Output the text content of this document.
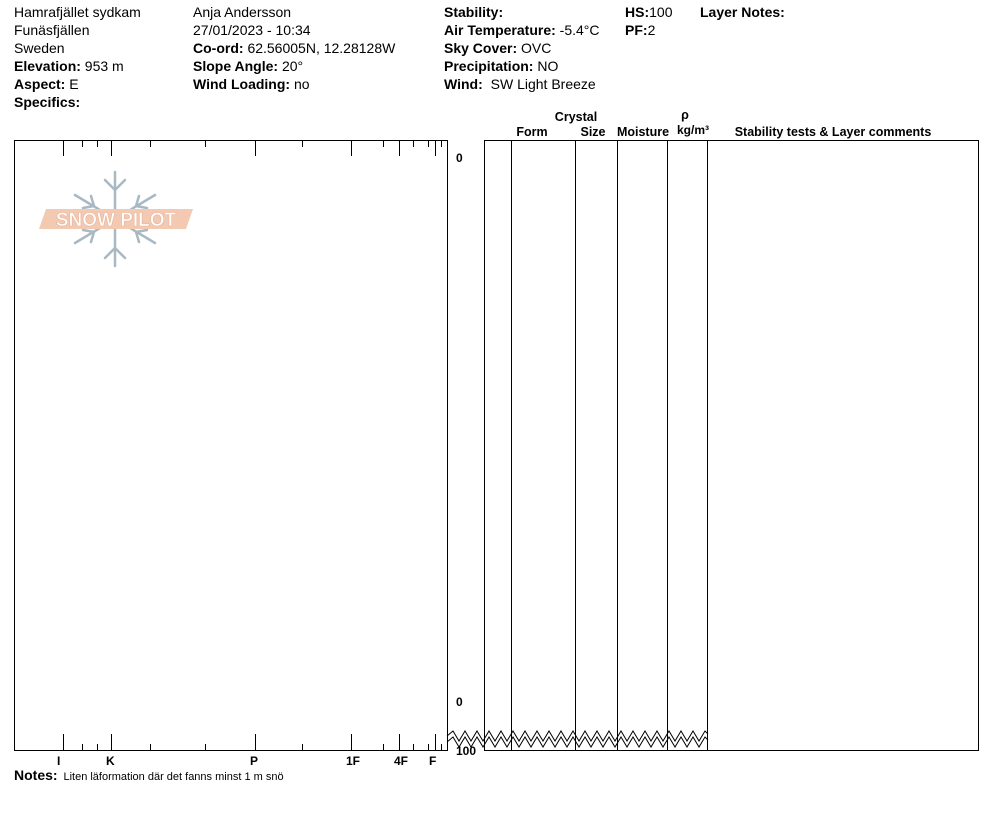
Hamrafjället sydkam
Funäsfjällen
Sweden
Elevation: 953 m
Aspect: E
Specifics:
Anja Andersson
27/01/2023 - 10:34
Co-ord: 62.56005N, 12.28128W
Slope Angle: 20°
Wind Loading: no
Stability:
Air Temperature: -5.4°C
Sky Cover: OVC
Precipitation: NO
Wind: SW Light Breeze
HS:100
PF:2
Layer Notes:
Crystal
Form	Size Moisture
ρ
kg/m³	Stability tests & Layer comments
0
0
100
I	K	P	1F	4F F
Notes: Liten läformation där det fanns minst 1 m snö
SNOW PILOT
